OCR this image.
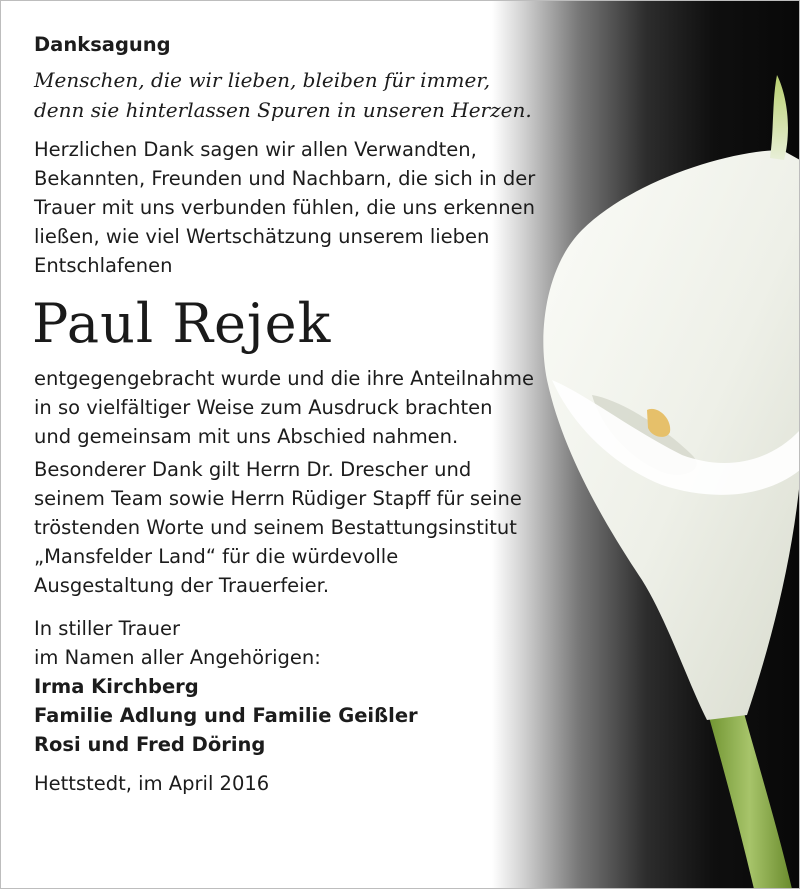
Danksagung
Menschen, die wir lieben, bleiben für immer,
denn sie hinterlassen Spuren in unseren Herzen.
Herzlichen Dank sagen wir allen Verwandten,
Bekannten, Freunden und Nachbarn, die sich in der
Trauer mit uns verbunden fühlen, die uns erkennen
ließen, wie viel Wertschätzung unserem lieben
Entschlafenen
Paul Rejek
entgegengebracht wurde und die ihre Anteilnahme
in so vielfältiger Weise zum Ausdruck brachten
und gemeinsam mit uns Abschied nahmen.
Besonderer Dank gilt Herrn Dr. Drescher und
seinem Team sowie Herrn Rüdiger Stapff für seine
tröstenden Worte und seinem Bestattungsinstitut
„Mansfelder Land“ für die würdevolle
Ausgestaltung der Trauerfeier.
In stiller Trauer
im Namen aller Angehörigen:
Irma Kirchberg
Familie Adlung und Familie Geißler
Rosi und Fred Döring
Hettstedt, im April 2016
